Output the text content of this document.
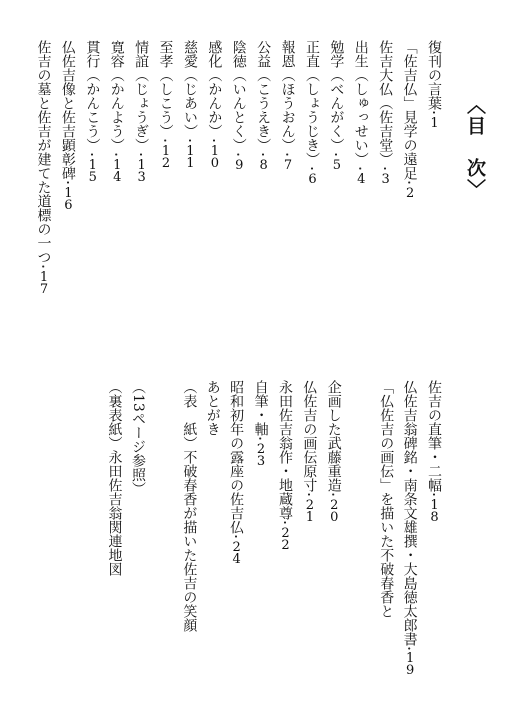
〈目　次〉
復刊の言葉
1
「佐吉仏」見学の遠足
2
佐吉大仏（佐吉堂）
3
出生（しゅっせい）
4
勉学（べんがく）
5
正直（しょうじき）
6
報恩（ほうおん）
7
公益（こうえき）
8
陰徳（いんとく）
9
感化（かんか）
10
慈愛（じあい）
11
至孝（しこう）
12
情誼（じょうぎ）
13
寛容（かんよう）
14
貫行（かんこう）
15
仏佐吉像と佐吉顕彰碑
16
佐吉の墓と佐吉が建てた道標の一つ
17
佐吉の直筆・二幅
18
仏佐吉翁碑銘・南条文雄撰・大島徳太郎書
19
「仏佐吉の画伝」を描いた不破春香と
企画した武藤重造
20
仏佐吉の画伝原寸
21
永田佐吉翁作・地蔵尊
22
自筆・軸
23
昭和初年の露座の佐吉仏
24
あとがき
（表　紙）不破春香が描いた佐吉の笑顔
（13ページ参照）
（裏表紙）永田佐吉翁関連地図
